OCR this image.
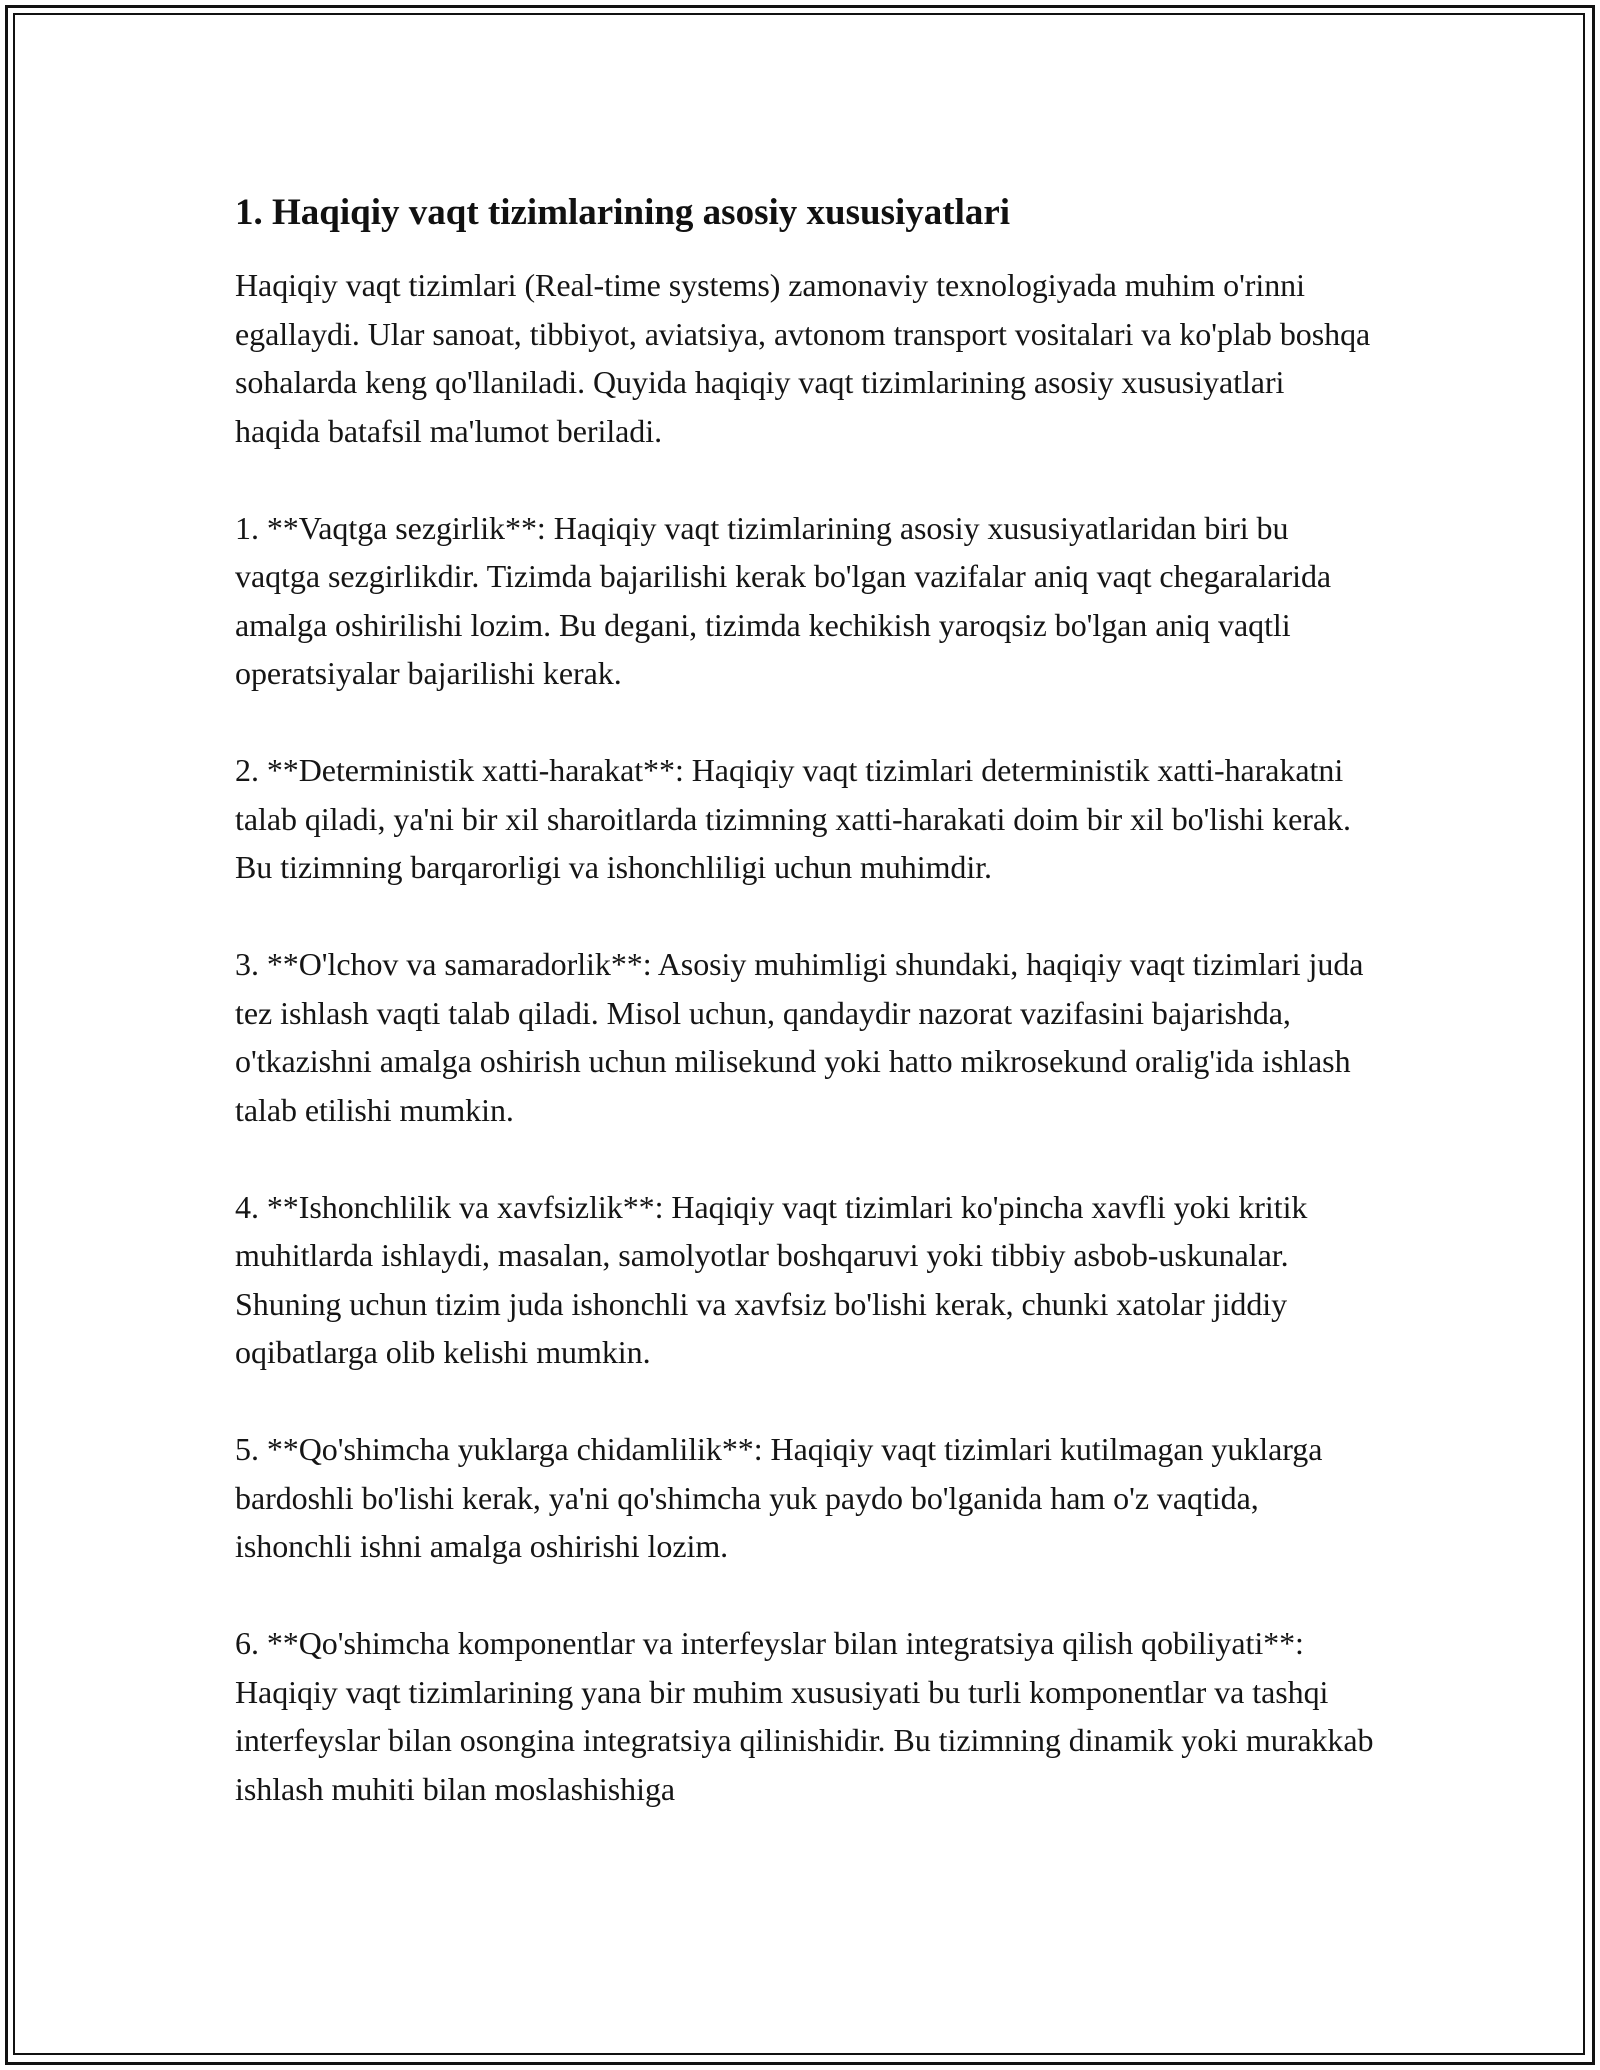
1. Haqiqiy vaqt tizimlarining asosiy xususiyatlari

Haqiqiy vaqt tizimlari (Real-time systems) zamonaviy texnologiyada muhim o'rinni egallaydi. Ular sanoat, tibbiyot, aviatsiya, avtonom transport vositalari va ko'plab boshqa sohalarda keng qo'llaniladi. Quyida haqiqiy vaqt tizimlarining asosiy xususiyatlari haqida batafsil ma'lumot beriladi.

1. **Vaqtga sezgirlik**: Haqiqiy vaqt tizimlarining asosiy xususiyatlaridan biri bu vaqtga sezgirlikdir. Tizimda bajarilishi kerak bo'lgan vazifalar aniq vaqt chegaralarida amalga oshirilishi lozim. Bu degani, tizimda kechikish yaroqsiz bo'lgan aniq vaqtli operatsiyalar bajarilishi kerak.

2. **Deterministik xatti-harakat**: Haqiqiy vaqt tizimlari deterministik xatti-harakatni talab qiladi, ya'ni bir xil sharoitlarda tizimning xatti-harakati doim bir xil bo'lishi kerak. Bu tizimning barqarorligi va ishonchliligi uchun muhimdir.

3. **O'lchov va samaradorlik**: Asosiy muhimligi shundaki, haqiqiy vaqt tizimlari juda tez ishlash vaqti talab qiladi. Misol uchun, qandaydir nazorat vazifasini bajarishda, o'tkazishni amalga oshirish uchun milisekund yoki hatto mikrosekund oralig'ida ishlash talab etilishi mumkin.

4. **Ishonchlilik va xavfsizlik**: Haqiqiy vaqt tizimlari ko'pincha xavfli yoki kritik muhitlarda ishlaydi, masalan, samolyotlar boshqaruvi yoki tibbiy asbob-uskunalar. Shuning uchun tizim juda ishonchli va xavfsiz bo'lishi kerak, chunki xatolar jiddiy oqibatlarga olib kelishi mumkin.

5. **Qo'shimcha yuklarga chidamlilik**: Haqiqiy vaqt tizimlari kutilmagan yuklarga bardoshli bo'lishi kerak, ya'ni qo'shimcha yuk paydo bo'lganida ham o'z vaqtida, ishonchli ishni amalga oshirishi lozim.

6. **Qo'shimcha komponentlar va interfeyslar bilan integratsiya qilish qobiliyati**: Haqiqiy vaqt tizimlarining yana bir muhim xususiyati bu turli komponentlar va tashqi interfeyslar bilan osongina integratsiya qilinishidir. Bu tizimning dinamik yoki murakkab ishlash muhiti bilan moslashishiga
